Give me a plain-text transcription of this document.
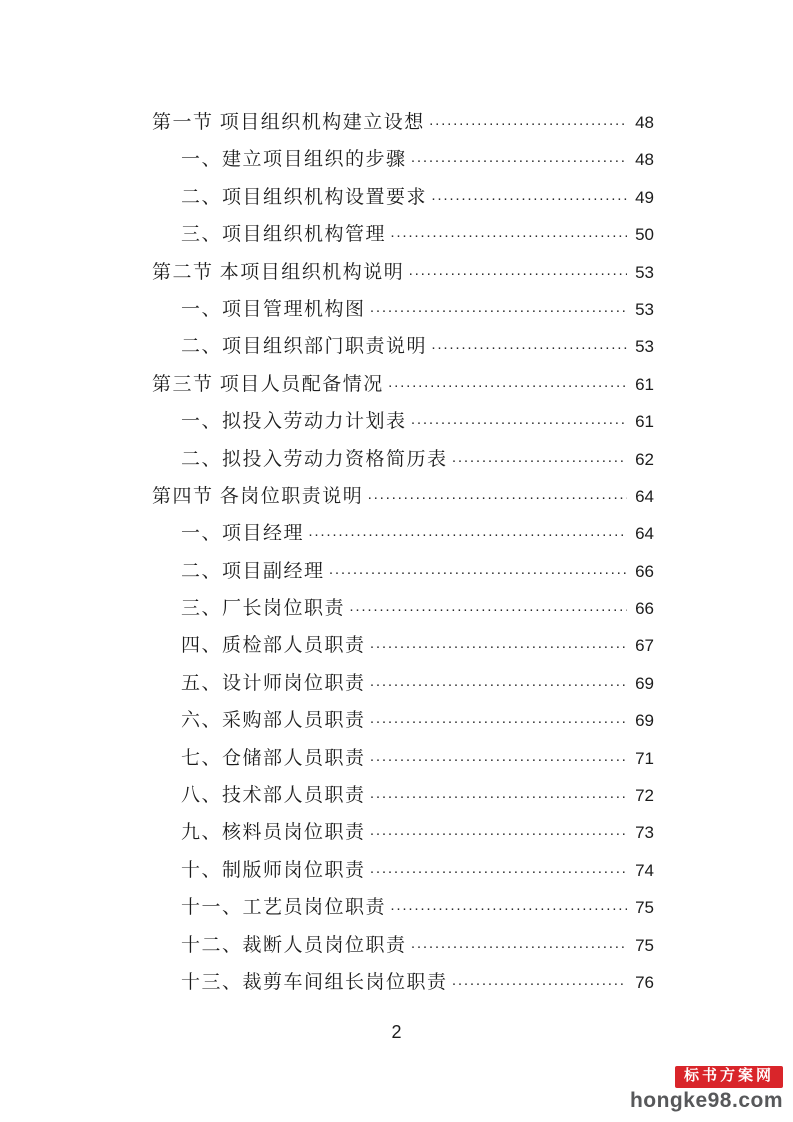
第一节 项目组织机构建立设想 ·····	48
一、建立项目组织的步骤 ·····	48
二、项目组织机构设置要求 ·····	49
三、项目组织机构管理 ·····	50
第二节 本项目组织机构说明 ·····	53
一、项目管理机构图 ·····	53
二、项目组织部门职责说明 ·····	53
第三节 项目人员配备情况 ·····	61
一、拟投入劳动力计划表 ·····	61
二、拟投入劳动力资格简历表 ·····	62
第四节 各岗位职责说明 ·····	64
一、项目经理 ·····	64
二、项目副经理 ·····	66
三、厂长岗位职责 ·····	66
四、质检部人员职责 ·····	67
五、设计师岗位职责 ·····	69
六、采购部人员职责 ·····	69
七、仓储部人员职责 ·····	71
八、技术部人员职责 ·····	72
九、核料员岗位职责 ·····	73
十、制版师岗位职责 ·····	74
十一、工艺员岗位职责 ·····	75
十二、裁断人员岗位职责 ·····	75
十三、裁剪车间组长岗位职责 ·····	76
2
标书方案网
hongke98.com
